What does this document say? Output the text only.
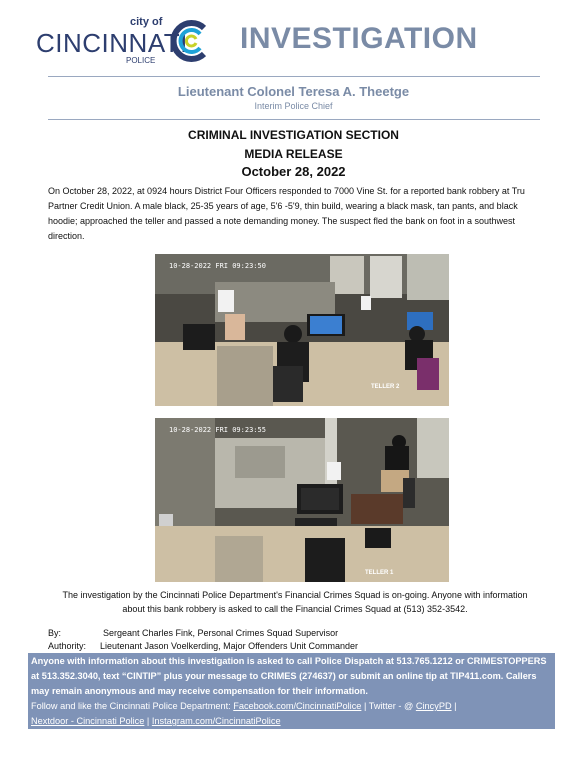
city of
CINCINNATI
POLICE
INVESTIGATION
Lieutenant Colonel Teresa A. Theetge
Interim Police Chief
CRIMINAL INVESTIGATION SECTION
MEDIA RELEASE
October 28, 2022
On October 28, 2022, at 0924 hours District Four Officers responded to 7000 Vine St. for a reported bank robbery at Tru Partner Credit Union. A male black, 25-35 years of age, 5'6 -5'9, thin build, wearing a black mask, tan pants, and black hoodie; approached the teller and passed a note demanding money. The suspect fled the bank on foot in a southwest direction.
10-28-2022 FRI 09:23:50
TELLER 2
10-28-2022 FRI 09:23:55
TELLER 1
The investigation by the Cincinnati Police Department's Financial Crimes Squad is on-going. Anyone with information about this bank robbery is asked to call the Financial Crimes Squad at (513) 352-3542.
By:	Sergeant Charles Fink, Personal Crimes Squad Supervisor
Authority:	Lieutenant Jason Voelkerding, Major Offenders Unit Commander
Anyone with information about this investigation is asked to call Police Dispatch at 513.765.1212 or CRIMESTOPPERS at 513.352.3040, text “CINTIP” plus your message to CRIMES (274637) or submit an online tip at TIP411.com. Callers may remain anonymous and may receive compensation for their information.
Follow and like the Cincinnati Police Department: Facebook.com/CincinnatiPolice | Twitter - @ CincyPD |
Nextdoor - Cincinnati Police | Instagram.com/CincinnatiPolice
